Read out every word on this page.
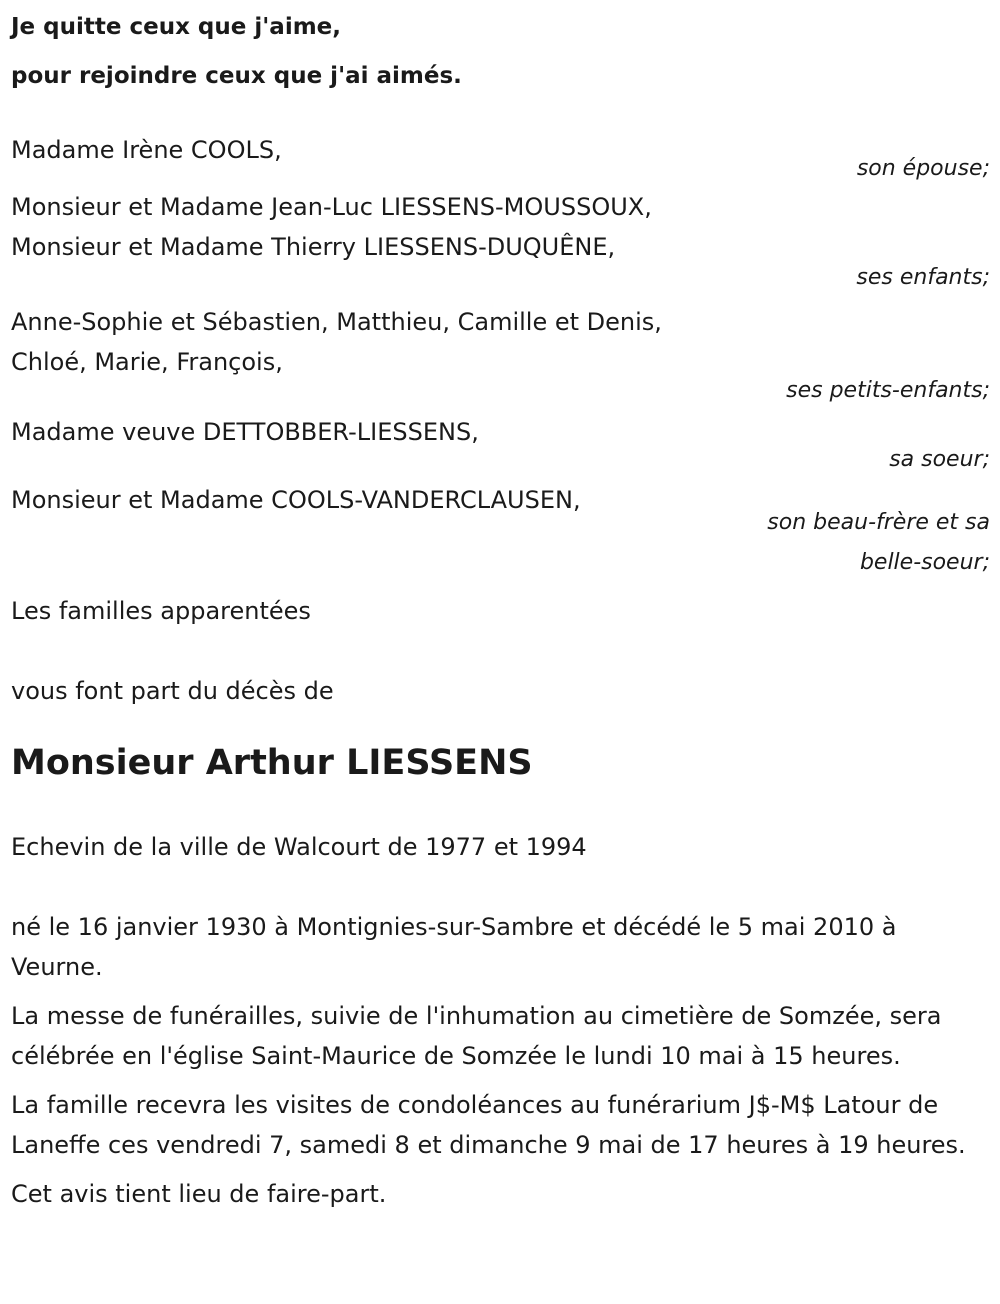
Je quitte ceux que j'aime,
pour rejoindre ceux que j'ai aimés.
Madame Irène COOLS,
son épouse;
Monsieur et Madame Jean-Luc LIESSENS-MOUSSOUX,
Monsieur et Madame Thierry LIESSENS-DUQUÊNE,
ses enfants;
Anne-Sophie et Sébastien, Matthieu, Camille et Denis,
Chloé, Marie, François,
ses petits-enfants;
Madame veuve DETTOBBER-LIESSENS,
sa soeur;
Monsieur et Madame COOLS-VANDERCLAUSEN,
son beau-frère et sa
belle-soeur;
Les familles apparentées
vous font part du décès de
Monsieur Arthur LIESSENS
Echevin de la ville de Walcourt de 1977 et 1994
né le 16 janvier 1930 à Montignies-sur-Sambre et décédé le 5 mai 2010 à Veurne.
La messe de funérailles, suivie de l'inhumation au cimetière de Somzée, sera célébrée en l'église Saint-Maurice de Somzée le lundi 10 mai à 15 heures.
La famille recevra les visites de condoléances au funérarium J$-M$ Latour de Laneffe ces vendredi 7, samedi 8 et dimanche 9 mai de 17 heures à 19 heures.
Cet avis tient lieu de faire-part.
